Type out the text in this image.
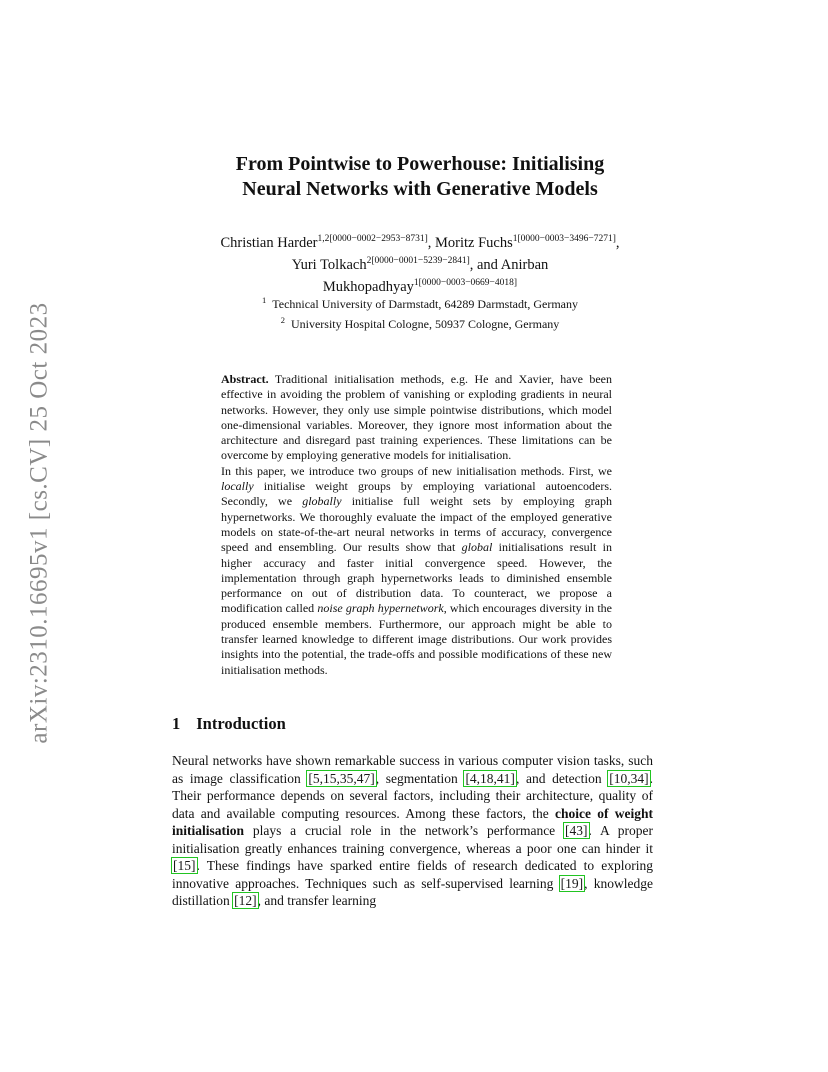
arXiv:2310.16695v1 [cs.CV] 25 Oct 2023
From Pointwise to Powerhouse: Initialising
Neural Networks with Generative Models
Christian Harder$^{1,2[0000-0002-2953-8731]}$, Moritz Fuchs$^{1[0000-0003-3496-7271]}$,
Yuri Tolkach$^{2[0000-0001-5239-2841]}$, and Anirban
Mukhopadhyay$^{1[0000-0003-0669-4018]}$
$^1$ Technical University of Darmstadt, 64289 Darmstadt, Germany
$^2$ University Hospital Cologne, 50937 Cologne, Germany

Abstract. Traditional initialisation methods, e.g. He and Xavier, have been effective in avoiding the problem of vanishing or exploding gradients in neural networks. However, they only use simple pointwise distributions, which model one-dimensional variables. Moreover, they ignore most information about the architecture and disregard past training experiences. These limitations can be overcome by employing generative models for initialisation.

In this paper, we introduce two groups of new initialisation methods. First, we locally initialise weight groups by employing variational autoencoders. Secondly, we globally initialise full weight sets by employing graph hypernetworks. We thoroughly evaluate the impact of the employed generative models on state-of-the-art neural networks in terms of accuracy, convergence speed and ensembling. Our results show that global initialisations result in higher accuracy and faster initial convergence speed. However, the implementation through graph hypernetworks leads to diminished ensemble performance on out of distribution data. To counteract, we propose a modification called noise graph hypernetwork, which encourages diversity in the produced ensemble members. Furthermore, our approach might be able to transfer learned knowledge to different image distributions. Our work provides insights into the potential, the trade-offs and possible modifications of these new initialisation methods.

1 Introduction
Neural networks have shown remarkable success in various computer vision tasks, such as image classification [5,15,35,47], segmentation [4,18,41], and detection [10,34]. Their performance depends on several factors, including their architecture, quality of data and available computing resources. Among these factors, the choice of weight initialisation plays a crucial role in the network’s performance [43]. A proper initialisation greatly enhances training convergence, whereas a poor one can hinder it [15]. These findings have sparked entire fields of research dedicated to exploring innovative approaches. Techniques such as self-supervised learning [19], knowledge distillation [12], and transfer learning
